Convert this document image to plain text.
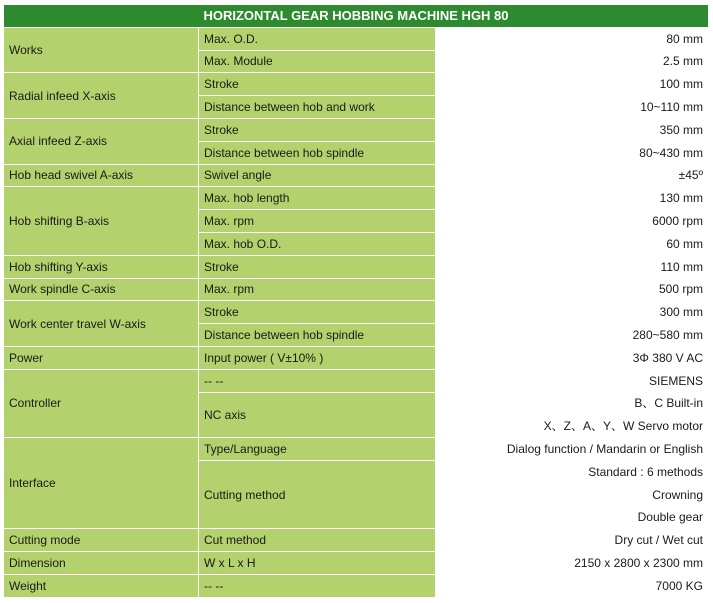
HORIZONTAL GEAR HOBBING MACHINE HGH 80		
Works	Max. O.D.	80 mm
	Max. Module	2.5 mm
Radial infeed X-axis	Stroke	100 mm
	Distance between hob and work	10~110 mm
Axial infeed Z-axis	Stroke	350 mm
	Distance between hob spindle	80~430 mm
Hob head swivel A-axis	Swivel angle	±45º
Hob shifting B-axis	Max. hob length	130 mm
	Max. rpm	6000 rpm
	Max. hob O.D.	60 mm
Hob shifting Y-axis	Stroke	110 mm
Work spindle C-axis	Max. rpm	500 rpm
Work center travel W-axis	Stroke	300 mm
	Distance between hob spindle	280~580 mm
Power	Input power ( V±10% )	3Φ 380 V AC
Controller	-- --	SIEMENS
	NC axis	B、C Built-in
		X、Z、A、Y、W Servo motor
Interface	Type/Language	Dialog function / Mandarin or English
	Cutting method	Standard : 6 methods
		Crowning
		Double gear
Cutting mode	Cut method	Dry cut / Wet cut
Dimension	W x L x H	2150 x 2800 x 2300 mm
Weight	-- --	7000 KG
